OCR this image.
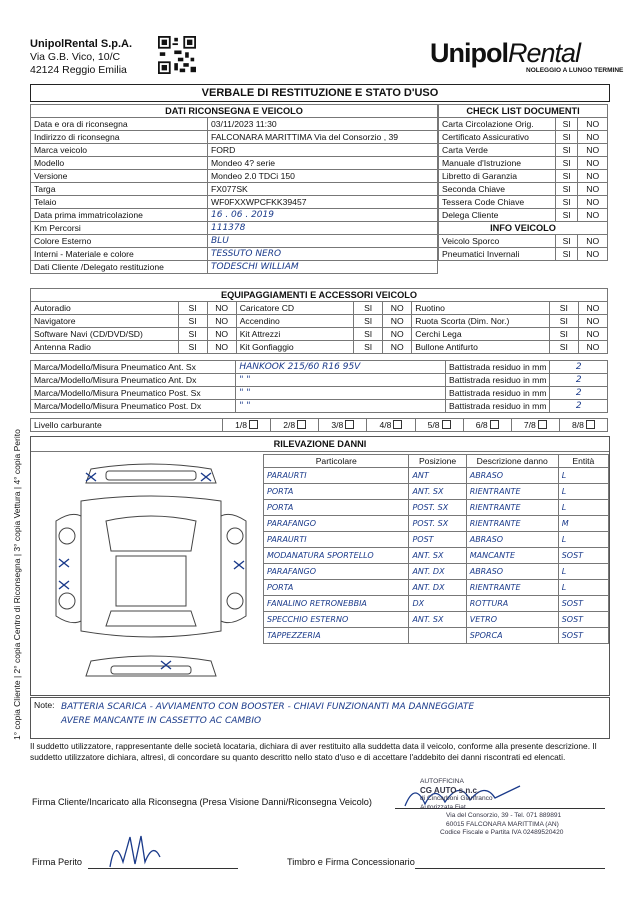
UnipolRental S.p.A.
Via G.B. Vico, 10/C
42124 Reggio Emilia
UnipolRental
NOLEGGIO A LUNGO TERMINE
VERBALE DI RESTITUZIONE E STATO D'USO
DATI RICONSEGNA E VEICOLO	
Data e ora di riconsegna	03/11/2023 11:30
Indirizzo di riconsegna	FALCONARA MARITTIMA Via del Consorzio , 39
Marca veicolo	FORD
Modello	Mondeo 4? serie
Versione	Mondeo 2.0 TDCi 150
Targa	FX077SK
Telaio	WF0FXXWPCFKK39457
Data prima immatricolazione	16 . 06 . 2019
Km Percorsi	111378
Colore Esterno	BLU
Interni - Materiale e colore	TESSUTO NERO
Dati Cliente /Delegato restituzione	TODESCHI WILLIAM
CHECK LIST DOCUMENTI		
Carta Circolazione Orig.	SI	NO
Certificato Assicurativo	SI	NO
Carta Verde	SI	NO
Manuale d'Istruzione	SI	NO
Libretto di Garanzia	SI	NO
Seconda Chiave	SI	NO
Tessera Code Chiave	SI	NO
Delega Cliente	SI	NO
INFO VEICOLO		
Veicolo Sporco	SI	NO
Pneumatici Invernali	SI	NO
EQUIPAGGIAMENTI E ACCESSORI VEICOLO								
Autoradio	SI	NO	Caricatore CD	SI	NO	Ruotino	SI	NO
Navigatore	SI	NO	Accendino	SI	NO	Ruota Scorta (Dim. Nor.)	SI	NO
Software Navi (CD/DVD/SD)	SI	NO	Kit Attrezzi	SI	NO	Cerchi Lega	SI	NO
Antenna Radio	SI	NO	Kit Gonfiaggio	SI	NO	Bullone Antifurto	SI	NO
Marca/Modello/Misura Pneumatico Ant. Sx	HANKOOK 215/60 R16 95V	Battistrada residuo in mm	2
Marca/Modello/Misura Pneumatico Ant. Dx	" "	Battistrada residuo in mm	2
Marca/Modello/Misura Pneumatico Post. Sx	" "	Battistrada residuo in mm	2
Marca/Modello/Misura Pneumatico Post. Dx	" "	Battistrada residuo in mm	2
Livello carburante	1/8	2/8	3/8	4/8	5/8	6/8	7/8	8/8
RILEVAZIONE DANNI
Particolare	Posizione	Descrizione danno	Entità
PARAURTI	ANT	ABRASO	L
PORTA	ANT. SX	RIENTRANTE	L
PORTA	POST. SX	RIENTRANTE	L
PARAFANGO	POST. SX	RIENTRANTE	M
PARAURTI	POST	ABRASO	L
MODANATURA SPORTELLO	ANT. SX	MANCANTE	SOST
PARAFANGO	ANT. DX	ABRASO	L
PORTA	ANT. DX	RIENTRANTE	L
FANALINO RETRONEBBIA	DX	ROTTURA	SOST
SPECCHIO ESTERNO	ANT. SX	VETRO	SOST
TAPPEZZERIA		SPORCA	SOST
Note: BATTERIA SCARICA - AVVIAMENTO CON BOOSTER - CHIAVI FUNZIONANTI MA DANNEGGIATE
AVERE MANCANTE IN CASSETTO AC CAMBIO
Il suddetto utilizzatore, rappresentante delle società locataria, dichiara di aver restituito alla suddetta data il veicolo, conforme alla presente descrizione. Il suddetto utilizzatore dichiara, altresì, di concordare su quanto descritto nello stato d'uso e di accettare l'addebito dei danni riscontrati ed elencati.
Firma Cliente/Incaricato alla Riconsegna (Presa Visione Danni/Riconsegna Veicolo)
Firma Perito	Timbro e Firma Concessionario
AUTOFFICINA
CG AUTO s.n.c.
di Cincarboni Gianfranco
Autorizzata Fiat
Via del Consorzio, 39 - Tel. 071 889891
60015 FALCONARA MARITTIMA (AN)
Codice Fiscale e Partita IVA 02489520420
1° copia Cliente | 2° copia Centro di Riconsegna | 3° copia Vettura | 4° copia Perito
